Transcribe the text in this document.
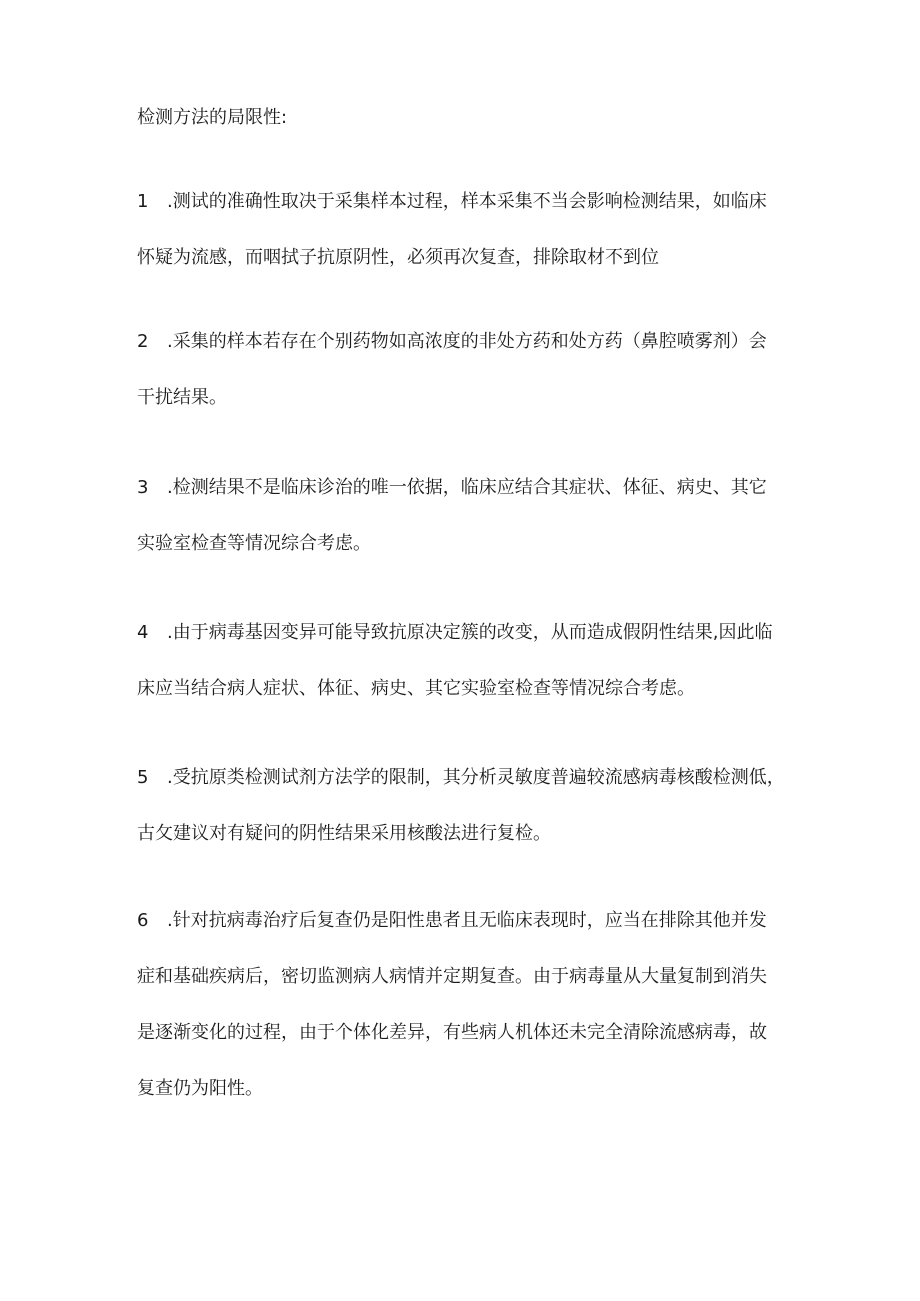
检测方法的局限性:
1 .测试的准确性取决于采集样本过程，样本采集不当会影响检测结果，如临床
怀疑为流感，而咽拭子抗原阴性，必须再次复查，排除取材不到位
2 .采集的样本若存在个别药物如高浓度的非处方药和处方药（鼻腔喷雾剂）会
干扰结果。
3 .检测结果不是临床诊治的唯一依据，临床应结合其症状、体征、病史、其它
实验室检查等情况综合考虑。
4 .由于病毒基因变异可能导致抗原决定簇的改变，从而造成假阴性结果,因此临
床应当结合病人症状、体征、病史、其它实验室检查等情况综合考虑。
5 .受抗原类检测试剂方法学的限制，其分析灵敏度普遍较流感病毒核酸检测低，
古攵建议对有疑问的阴性结果采用核酸法进行复检。
6 .针对抗病毒治疗后复查仍是阳性患者且无临床表现时，应当在排除其他并发
症和基础疾病后，密切监测病人病情并定期复查。由于病毒量从大量复制到消失
是逐渐变化的过程，由于个体化差异，有些病人机体还未完全清除流感病毒，故
复查仍为阳性。
